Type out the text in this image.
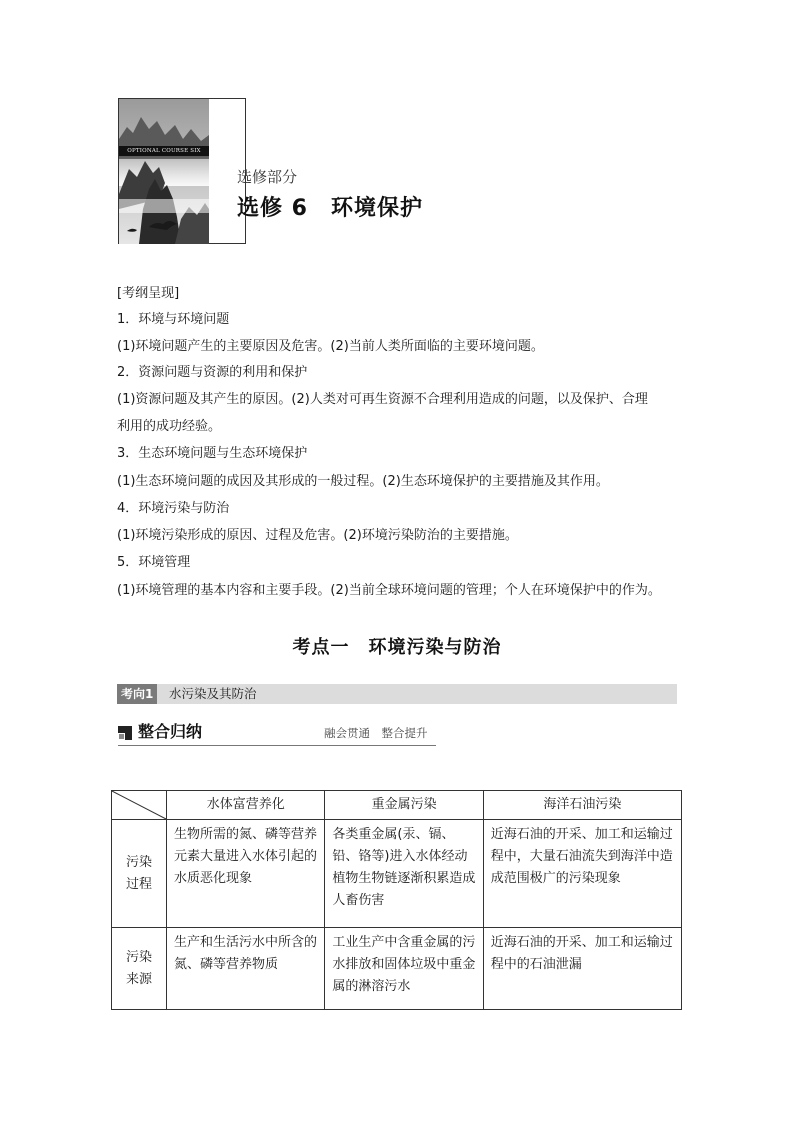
OPTIONAL COURSE SIX
选修部分
选修 6　环境保护
[考纲呈现]
1．环境与环境问题
(1)环境问题产生的主要原因及危害。(2)当前人类所面临的主要环境问题。
2．资源问题与资源的利用和保护
(1)资源问题及其产生的原因。(2)人类对可再生资源不合理利用造成的问题，以及保护、合理
利用的成功经验。
3．生态环境问题与生态环境保护
(1)生态环境问题的成因及其形成的一般过程。(2)生态环境保护的主要措施及其作用。
4．环境污染与防治
(1)环境污染形成的原因、过程及危害。(2)环境污染防治的主要措施。
5．环境管理
(1)环境管理的基本内容和主要手段。(2)当前全球环境问题的管理；个人在环境保护中的作为。
考点一　环境污染与防治
考向1	水污染及其防治
整合归纳	融会贯通　整合提升
	水体富营养化	重金属污染	海洋石油污染

污染
过程	生物所需的氮、磷等营养元素大量进入水体引起的水质恶化现象	各类重金属(汞、镉、铅、铬等)进入水体经动植物生物链逐渐积累造成人畜伤害	近海石油的开采、加工和运输过程中，大量石油流失到海洋中造成范围极广的污染现象

污染
来源	生产和生活污水中所含的氮、磷等营养物质	工业生产中含重金属的污水排放和固体垃圾中重金属的淋溶污水	近海石油的开采、加工和运输过程中的石油泄漏
